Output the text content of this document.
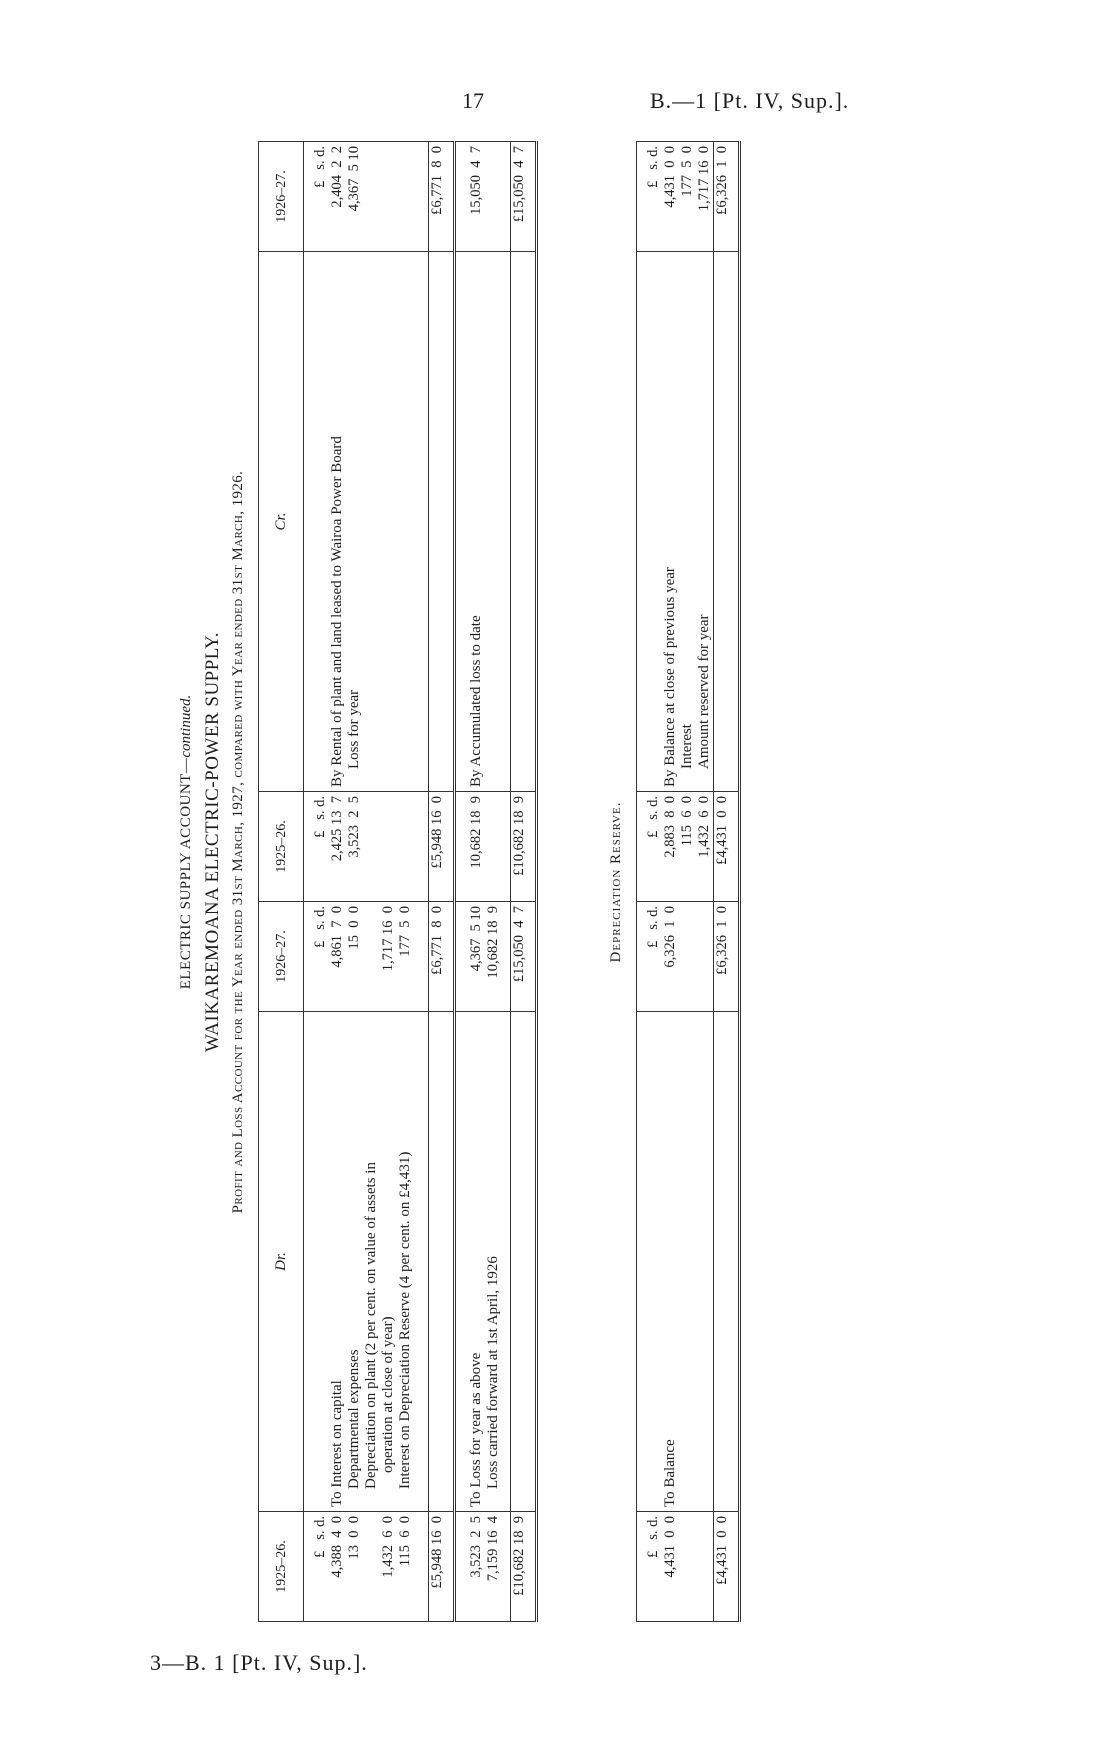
17	B.—1 [Pt. IV, Sup.].
3—B. 1 [Pt. IV, Sup.].
ELECTRIC SUPPLY ACCOUNT—continued. WAIKAREMOANA ELECTRIC-POWER SUPPLY. Profit and Loss Account for the Year ended 31st March, 1927, compared with Year ended 31st March, 1926.
1925–26.	Dr.	1926–27.	1925–26.	Cr.	1926–27.
£   s. d.		£   s. d.	£   s. d.		£   s. d.
4,388  4  0	To Interest on capital	4,861  7  0	2,425 13  7	By Rental of plant and land leased to Wairoa Power Board	2,404  2  2
13  0  0	Departmental expenses	15  0  0	3,523  2  5	Loss for year	4,367  5 10
	Depreciation on plant (2 per cent. on value of assets in				
1,432  6  0	operation at close of year)	1,717 16  0			
115  6  0	Interest on Depreciation Reserve (4 per cent. on £4,431)	177  5  0			
£5,948 16  0		£6,771  8  0	£5,948 16  0		£6,771  8  0
3,523  2  5	To Loss for year as above	4,367  5 10	10,682 18  9	By Accumulated loss to date	15,050  4  7
7,159 16  4	Loss carried forward at 1st April, 1926	10,682 18  9			
£10,682 18  9		£15,050  4  7	£10,682 18  9		£15,050  4  7
Depreciation Reserve.
£   s. d.		£   s. d.	£   s. d.		£   s. d.
4,431  0  0	To Balance	6,326  1  0	2,883  8  0	By Balance at close of previous year	4,431  0  0
			115  6  0	Interest	177  5  0
			1,432  6  0	Amount reserved for year	1,717 16  0
£4,431  0  0		£6,326  1  0	£4,431  0  0		£6,326  1  0
